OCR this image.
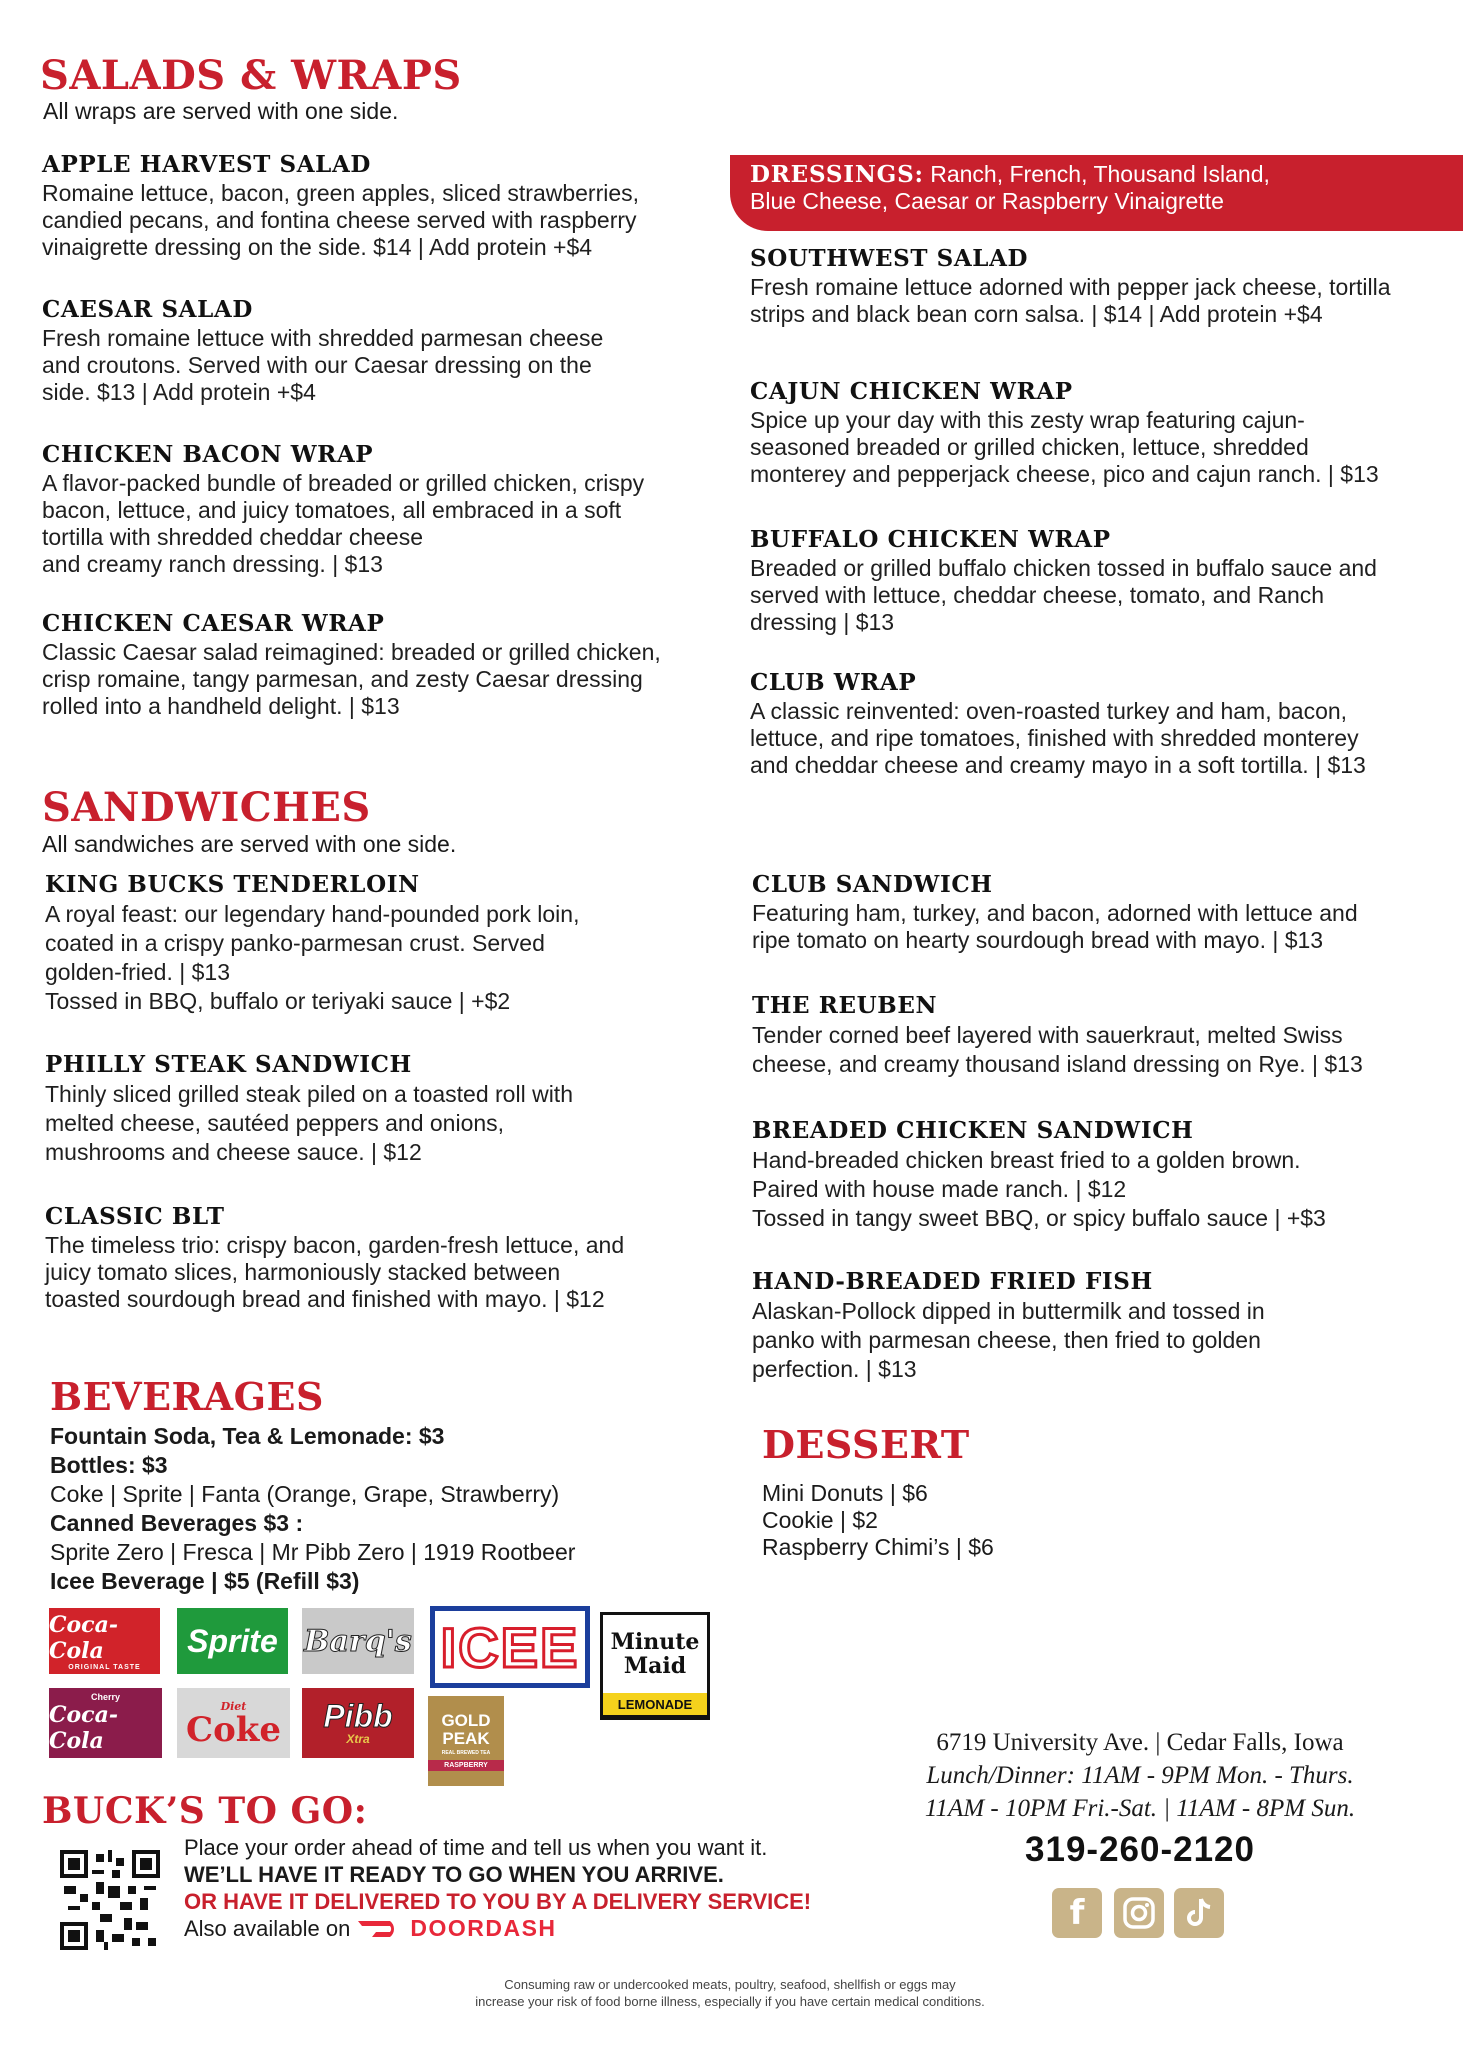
SALADS & WRAPS
All wraps are served with one side.
APPLE HARVEST SALAD
Romaine lettuce, bacon, green apples, sliced strawberries,
candied pecans, and fontina cheese served with raspberry
vinaigrette dressing on the side. $14 | Add protein +$4
CAESAR SALAD
Fresh romaine lettuce with shredded parmesan cheese
and croutons. Served with our Caesar dressing on the
side. $13 | Add protein +$4
CHICKEN BACON WRAP
A flavor-packed bundle of breaded or grilled chicken, crispy
bacon, lettuce, and juicy tomatoes, all embraced in a soft
tortilla with shredded cheddar cheese
and creamy ranch dressing. | $13
CHICKEN CAESAR WRAP
Classic Caesar salad reimagined: breaded or grilled chicken,
crisp romaine, tangy parmesan, and zesty Caesar dressing
rolled into a handheld delight. | $13
DRESSINGS: Ranch, French, Thousand Island,
Blue Cheese, Caesar or Raspberry Vinaigrette
SOUTHWEST SALAD
Fresh romaine lettuce adorned with pepper jack cheese, tortilla
strips and black bean corn salsa. | $14 | Add protein +$4
CAJUN CHICKEN WRAP
Spice up your day with this zesty wrap featuring cajun-
seasoned breaded or grilled chicken, lettuce, shredded
monterey and pepperjack cheese, pico and cajun ranch. | $13
BUFFALO CHICKEN WRAP
Breaded or grilled buffalo chicken tossed in buffalo sauce and
served with lettuce, cheddar cheese, tomato, and Ranch
dressing | $13
CLUB WRAP
A classic reinvented: oven-roasted turkey and ham, bacon,
lettuce, and ripe tomatoes, finished with shredded monterey
and cheddar cheese and creamy mayo in a soft tortilla. | $13
SANDWICHES
All sandwiches are served with one side.
KING BUCKS TENDERLOIN
A royal feast: our legendary hand-pounded pork loin,
coated in a crispy panko-parmesan crust. Served
golden-fried. | $13
Tossed in BBQ, buffalo or teriyaki sauce | +$2
PHILLY STEAK SANDWICH
Thinly sliced grilled steak piled on a toasted roll with
melted cheese, sautéed peppers and onions,
mushrooms and cheese sauce. | $12
CLASSIC BLT
The timeless trio: crispy bacon, garden-fresh lettuce, and
juicy tomato slices, harmoniously stacked between
toasted sourdough bread and finished with mayo. | $12
CLUB SANDWICH
Featuring ham, turkey, and bacon, adorned with lettuce and
ripe tomato on hearty sourdough bread with mayo. | $13
THE REUBEN
Tender corned beef layered with sauerkraut, melted Swiss
cheese, and creamy thousand island dressing on Rye. | $13
BREADED CHICKEN SANDWICH
Hand-breaded chicken breast fried to a golden brown.
Paired with house made ranch. | $12
Tossed in tangy sweet BBQ, or spicy buffalo sauce | +$3
HAND-BREADED FRIED FISH
Alaskan-Pollock dipped in buttermilk and tossed in
panko with parmesan cheese, then fried to golden
perfection. | $13
BEVERAGES
Fountain Soda, Tea & Lemonade: $3
Bottles: $3
Coke | Sprite | Fanta (Orange, Grape, Strawberry)
Canned Beverages $3 :
Sprite Zero | Fresca | Mr Pibb Zero | 1919 Rootbeer
Icee Beverage | $5 (Refill $3)
Coca-Cola
ORIGINAL TASTE
Sprite Barq's ICEE Minute Maid
LEMONADE
Cherry
Coca-Cola
Diet
Coke Pibb
Xtra
GOLD PEAK
REAL BREWED TEA
RASPBERRY
DESSERT
Mini Donuts | $6
Cookie | $2
Raspberry Chimi’s | $6
6719 University Ave. | Cedar Falls, Iowa
Lunch/Dinner: 11AM - 9PM Mon. - Thurs.
11AM - 10PM Fri.-Sat. | 11AM - 8PM Sun.
319-260-2120
f
BUCK’S TO GO:
Place your order ahead of time and tell us when you want it.
WE’LL HAVE IT READY TO GO WHEN YOU ARRIVE.
OR HAVE IT DELIVERED TO YOU BY A DELIVERY SERVICE!
Also available on	DOORDASH
Consuming raw or undercooked meats, poultry, seafood, shellfish or eggs may
increase your risk of food borne illness, especially if you have certain medical conditions.
